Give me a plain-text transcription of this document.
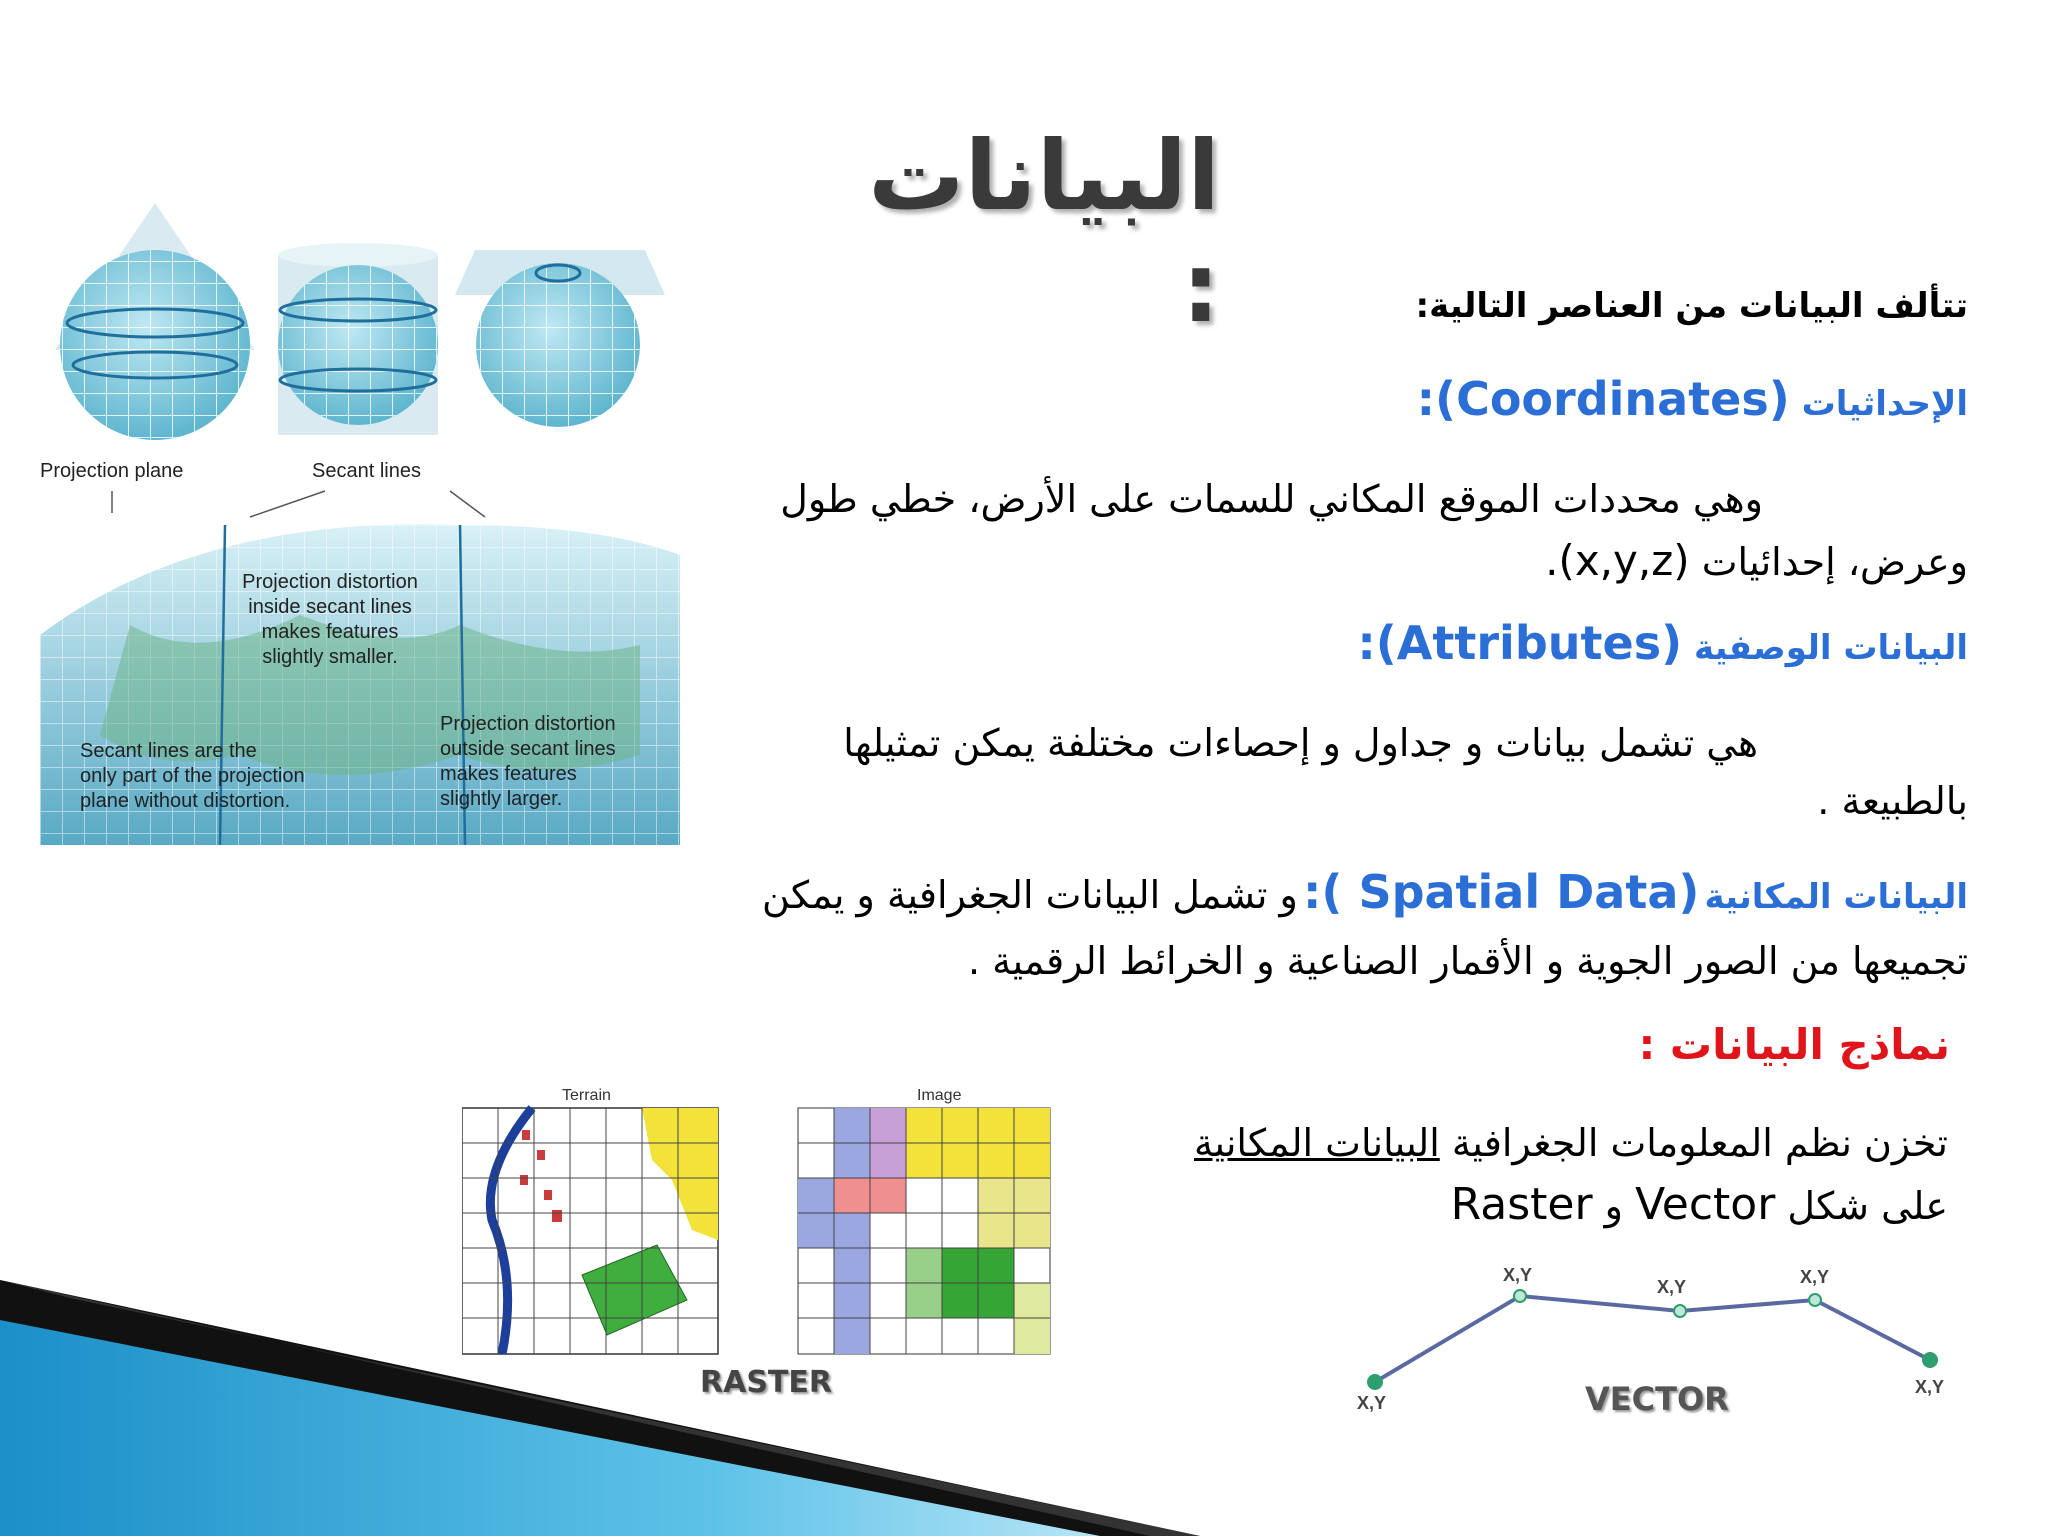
البيانات :	تتألف البيانات من العناصر التالية:
الإحداثيات (Coordinates):
وهي محددات الموقع المكاني للسمات على الأرض، خطي طول
وعرض، إحدائيات (x,y,z).
البيانات الوصفية (Attributes):
هي تشمل بيانات و جداول و إحصاءات مختلفة يمكن تمثيلها
بالطبيعة .
البيانات المكانية (Spatial Data ): و تشمل البيانات الجغرافية و يمكن
تجميعها من الصور الجوية و الأقمار الصناعية و الخرائط الرقمية .
نماذج البيانات :
تخزن نظم المعلومات الجغرافية البيانات المكانية
على شكل Vector و Raster
Projection plane	Secant lines
Projection distortion
inside secant lines
makes features
slightly smaller.
Secant lines are the
only part of the projection
plane without distortion.
Projection distortion
outside secant lines
makes features
slightly larger.
Terrain	Image
RASTER
X,Y
X,Y
X,Y	X,Y
X,Y
VECTOR
